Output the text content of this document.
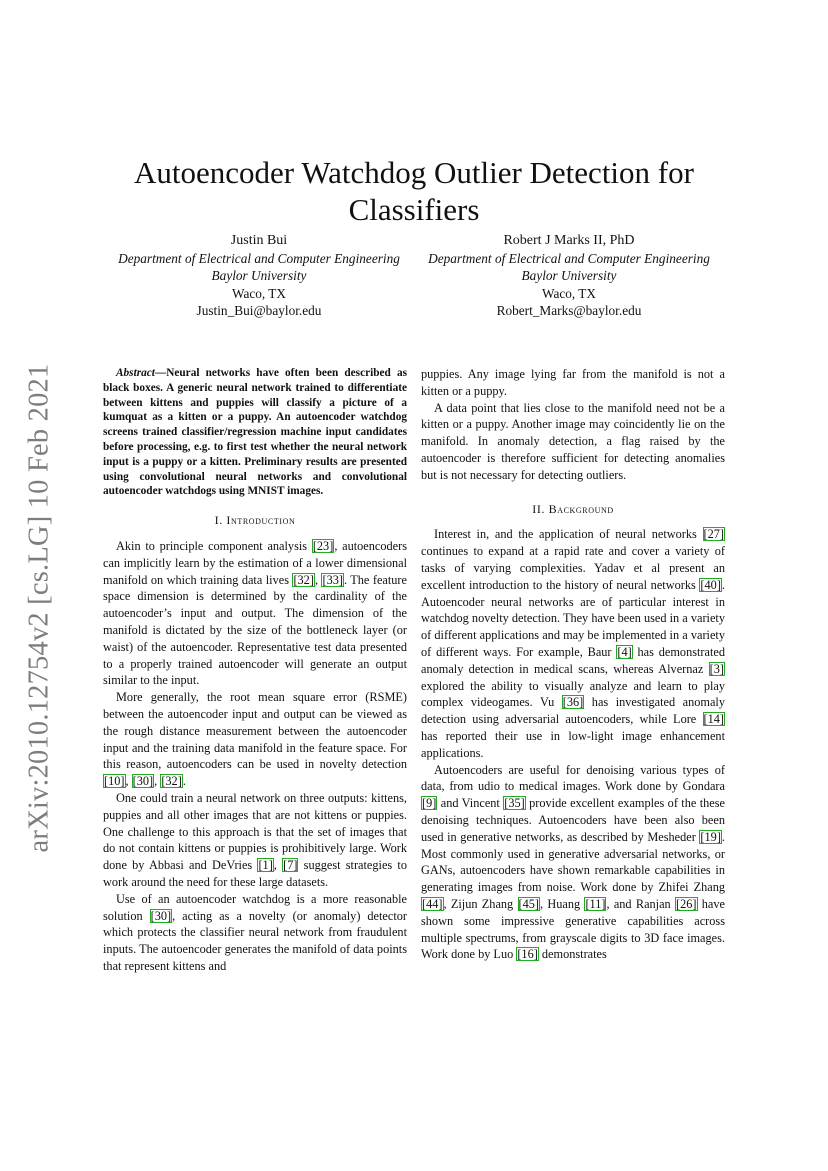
arXiv:2010.12754v2 [cs.LG] 10 Feb 2021
Autoencoder Watchdog Outlier Detection for Classifiers
Justin Bui
Department of Electrical and Computer Engineering
Baylor University
Waco, TX
Justin_Bui@baylor.edu
Robert J Marks II, PhD
Department of Electrical and Computer Engineering
Baylor University
Waco, TX
Robert_Marks@baylor.edu

Abstract—Neural networks have often been described as black boxes. A generic neural network trained to differentiate between kittens and puppies will classify a picture of a kumquat as a kitten or a puppy. An autoencoder watchdog screens trained classifier/regression machine input candidates before processing, e.g. to first test whether the neural network input is a puppy or a kitten. Preliminary results are presented using convolutional neural networks and convolutional autoencoder watchdogs using MNIST images.

I. Introduction

Akin to principle component analysis [23], autoencoders can implicitly learn by the estimation of a lower dimensional manifold on which training data lives [32], [33]. The feature space dimension is determined by the cardinality of the autoencoder’s input and output. The dimension of the manifold is dictated by the size of the bottleneck layer (or waist) of the autoencoder. Representative test data presented to a properly trained autoencoder will generate an output similar to the input.

More generally, the root mean square error (RSME) between the autoencoder input and output can be viewed as the rough distance measurement between the autoencoder input and the training data manifold in the feature space. For this reason, autoencoders can be used in novelty detection [10], [30], [32].

One could train a neural network on three outputs: kittens, puppies and all other images that are not kittens or puppies. One challenge to this approach is that the set of images that do not contain kittens or puppies is prohibitively large. Work done by Abbasi and DeVries [1], [7] suggest strategies to work around the need for these large datasets.

Use of an autoencoder watchdog is a more reasonable solution [30], acting as a novelty (or anomaly) detector which protects the classifier neural network from fraudulent inputs. The autoencoder generates the manifold of data points that represent kittens and

puppies. Any image lying far from the manifold is not a kitten or a puppy.

A data point that lies close to the manifold need not be a kitten or a puppy. Another image may coincidently lie on the manifold. In anomaly detection, a flag raised by the autoencoder is therefore sufficient for detecting anomalies but is not necessary for detecting outliers.

II. Background

Interest in, and the application of neural networks [27] continues to expand at a rapid rate and cover a variety of tasks of varying complexities. Yadav et al present an excellent introduction to the history of neural networks [40]. Autoencoder neural networks are of particular interest in watchdog novelty detection. They have been used in a variety of different applications and may be implemented in a variety of different ways. For example, Baur [4] has demonstrated anomaly detection in medical scans, whereas Alvernaz [3] explored the ability to visually analyze and learn to play complex videogames. Vu [36] has investigated anomaly detection using adversarial autoencoders, while Lore [14] has reported their use in low-light image enhancement applications.

Autoencoders are useful for denoising various types of data, from udio to medical images. Work done by Gondara [9] and Vincent [35] provide excellent examples of the these denoising techniques. Autoencoders have been also been used in generative networks, as described by Mesheder [19]. Most commonly used in generative adversarial networks, or GANs, autoencoders have shown remarkable capabilities in generating images from noise. Work done by Zhifei Zhang [44], Zijun Zhang [45], Huang [11], and Ranjan [26] have shown some impressive generative capabilities across multiple spectrums, from grayscale digits to 3D face images. Work done by Luo [16] demonstrates
